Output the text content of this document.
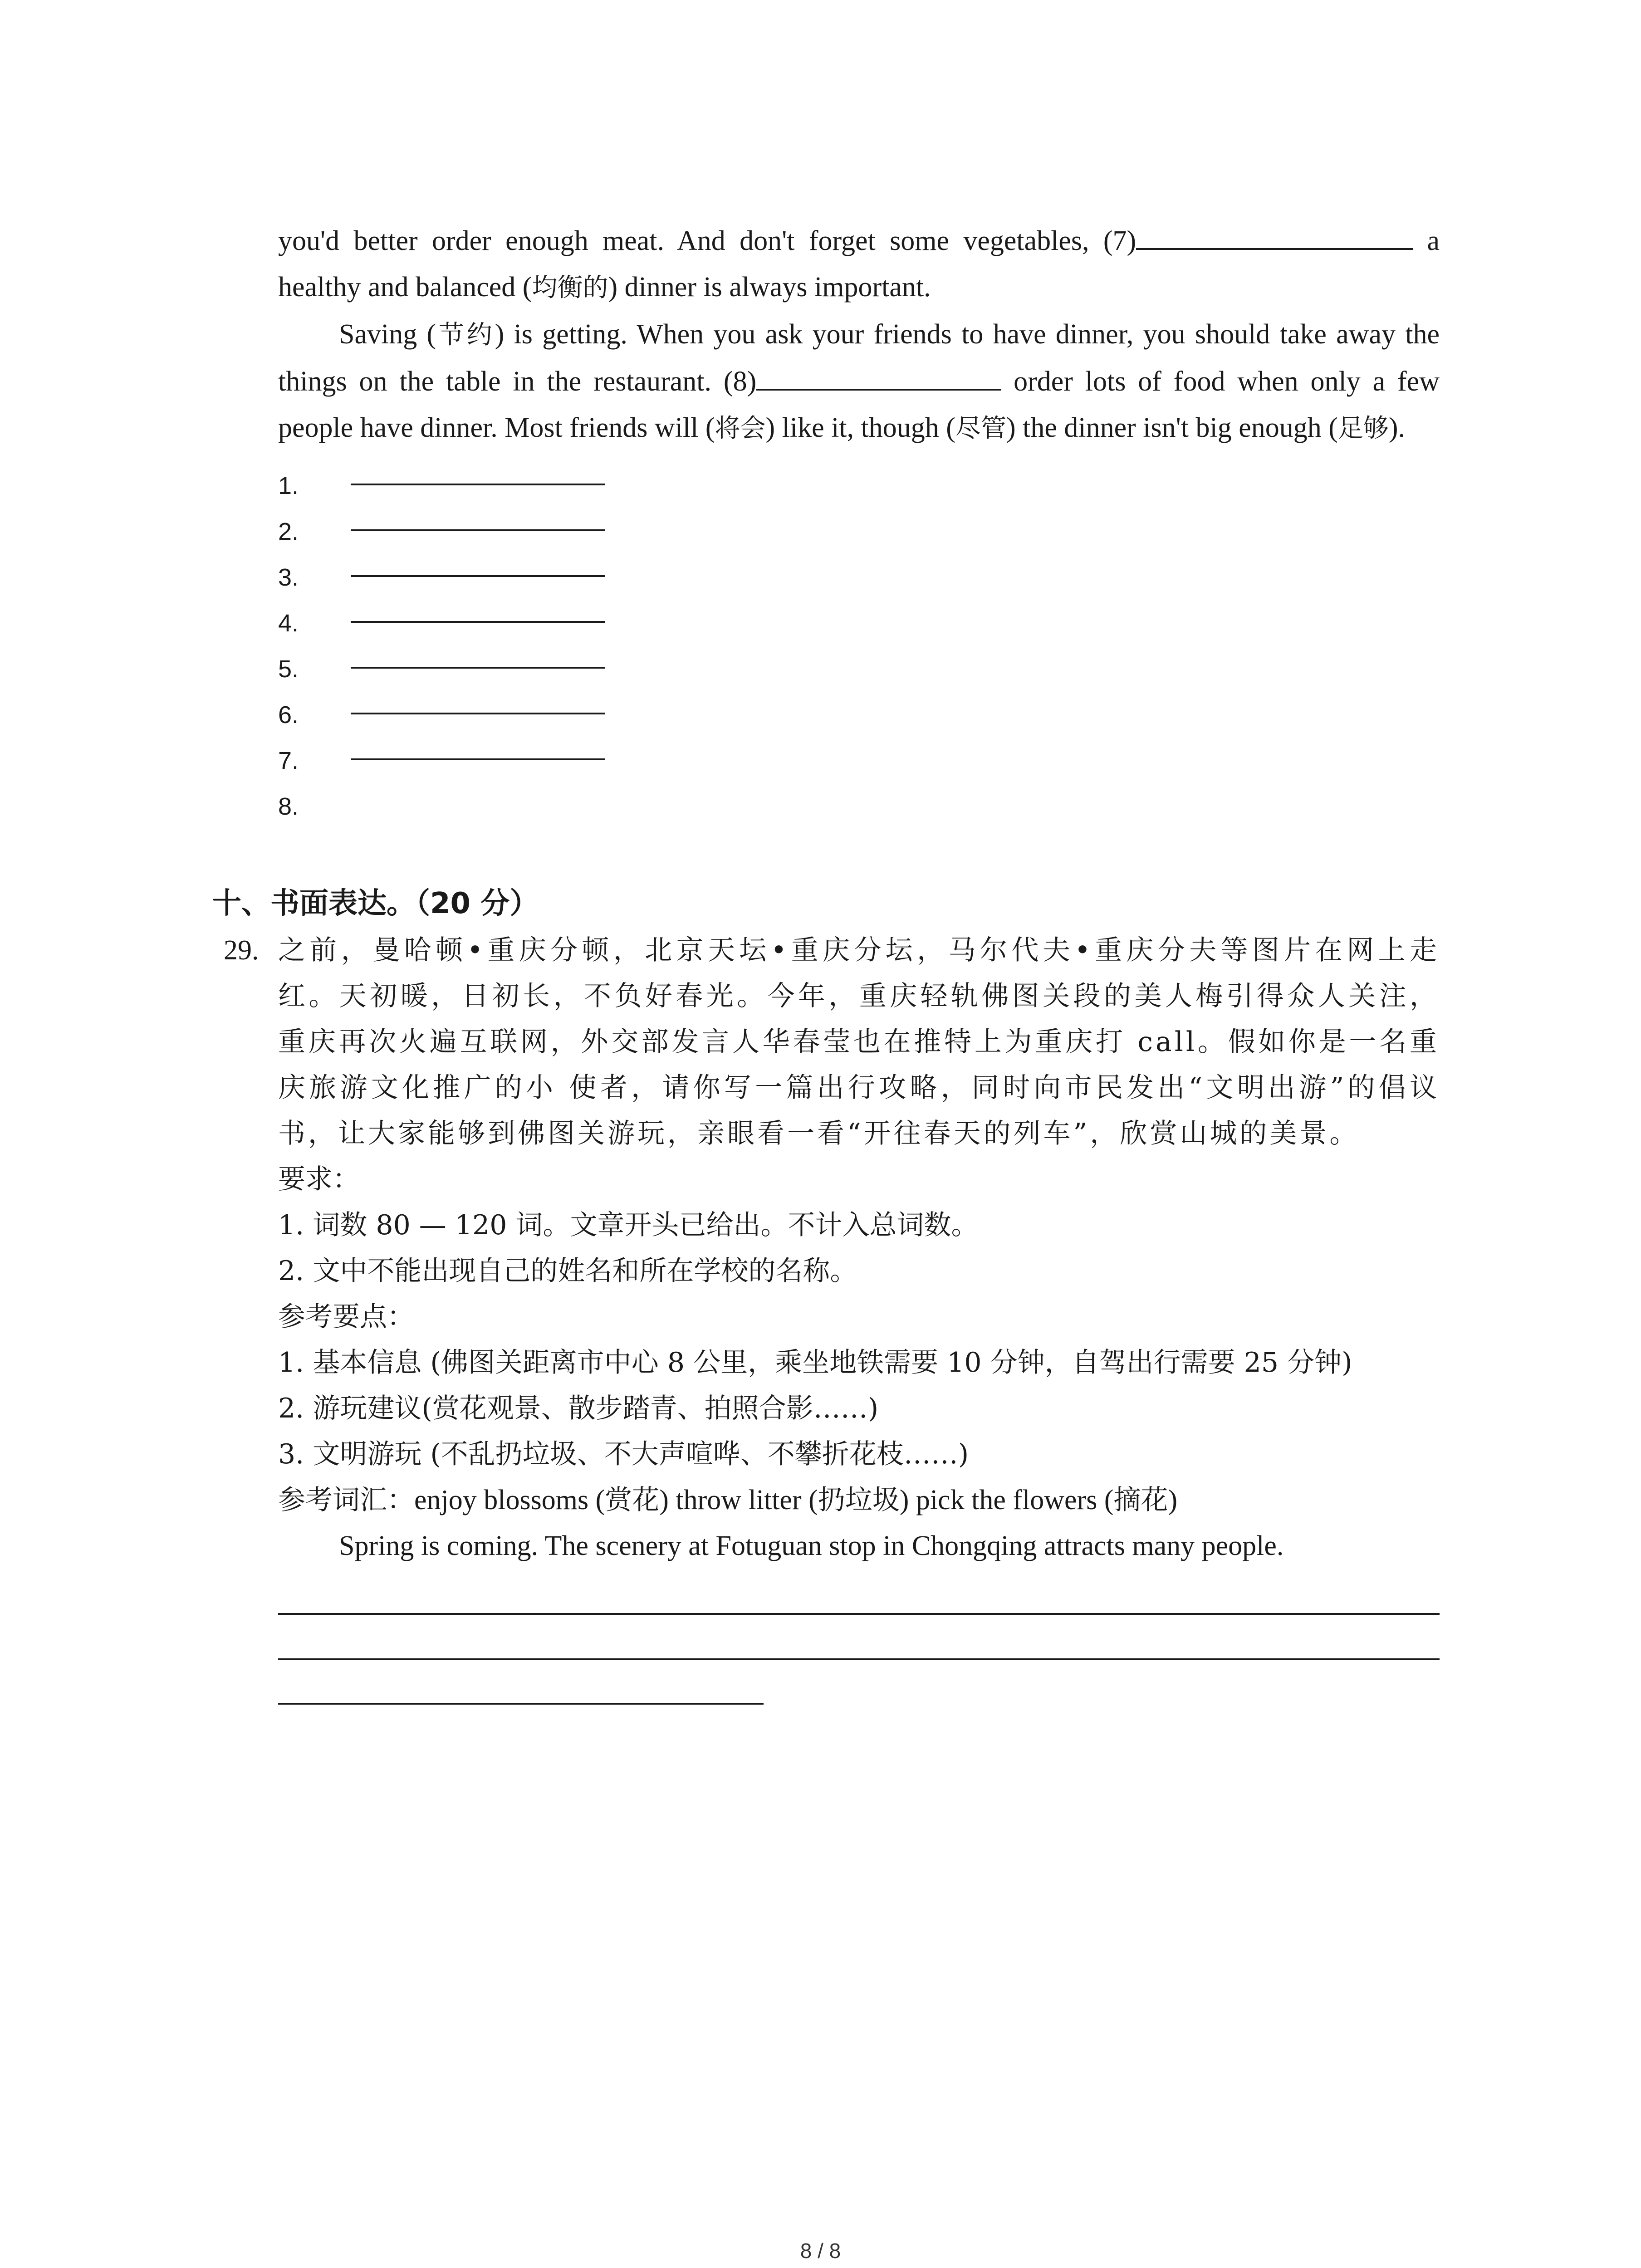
you'd better order enough meat. And don't forget some vegetables, (7)	a healthy and balanced (均衡的) dinner is always important.

Saving (节约) is getting. When you ask your friends to have dinner, you should take away the things on the table in the restaurant. (8)	order lots of food when only a few people have dinner. Most friends will (将会) like it, though (尽管) the dinner isn't big enough (足够).

1.
2.
3.
4.
5.
6.
7.
8.
十、书面表达。（20 分）
29. 之前，曼哈顿•重庆分顿，北京天坛•重庆分坛，马尔代夫•重庆分夫等图片在网上走红。天初暖，日初长，不负好春光。今年，重庆轻轨佛图关段的美人梅引得众人关注，重庆再次火遍互联网，外交部发言人华春莹也在推特上为重庆打 call。假如你是一名重庆旅游文化推广的小 使者，请你写一篇出行攻略，同时向市民发出“文明出游”的倡议书，让大家能够到佛图关游玩，亲眼看一看“开往春天的列车”，欣赏山城的美景。

要求：

1. 词数 80 — 120 词。文章开头已给出。不计入总词数。

2. 文中不能出现自己的姓名和所在学校的名称。

参考要点：

1. 基本信息 (佛图关距离市中心 8 公里，乘坐地铁需要 10 分钟，自驾出行需要 25 分钟)

2. 游玩建议(赏花观景、散步踏青、拍照合影……)

3. 文明游玩 (不乱扔垃圾、不大声喧哗、不攀折花枝……)

参考词汇：enjoy blossoms (赏花) throw litter (扔垃圾) pick the flowers (摘花)

Spring is coming. The scenery at Fotuguan stop in Chongqing attracts many people.

8 / 8
